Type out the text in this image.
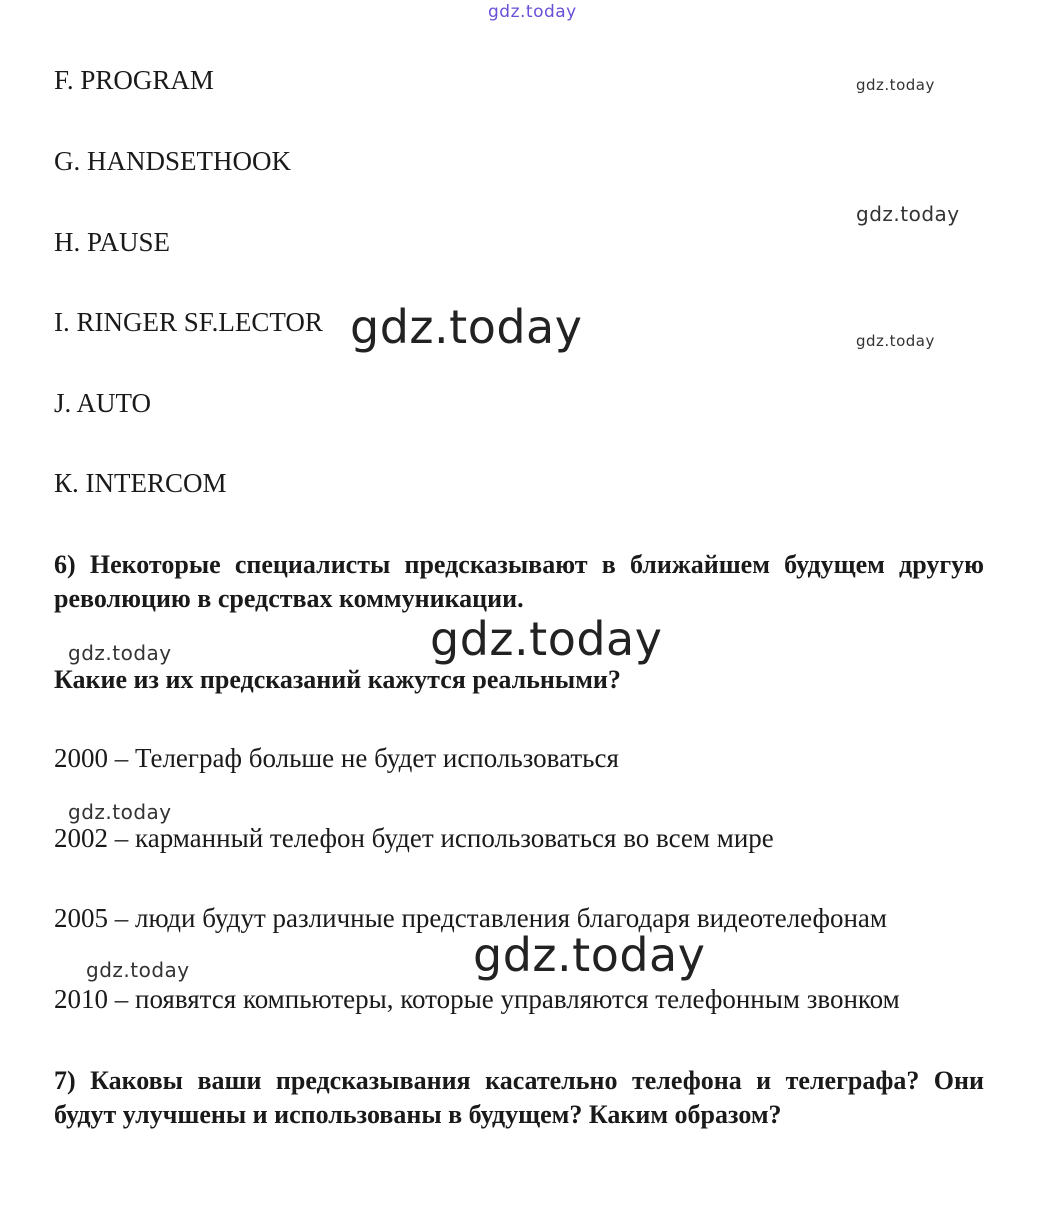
gdz.today
gdz.today
gdz.today
gdz.today
gdz.today
gdz.today
gdz.today
gdz.today
gdz.today
gdz.today
F. PROGRAM
G. HANDSETHOOK
H. PAUSE
I. RINGER SF.LECTOR
J. AUTO
К. INTERCOM
6) Некоторые специалисты предсказывают в ближайшем будущем другую революцию в средствах коммуникации.
Какие из их предсказаний кажутся реальными?
2000 – Телеграф больше не будет использоваться
2002 – карманный телефон будет использоваться во всем мире
2005 – люди будут различные представления благодаря видеотелефонам
2010 – появятся компьютеры, которые управляются телефонным звонком
7) Каковы ваши предсказывания касательно телефона и телеграфа? Они будут улучшены и использованы в будущем? Каким образом?
